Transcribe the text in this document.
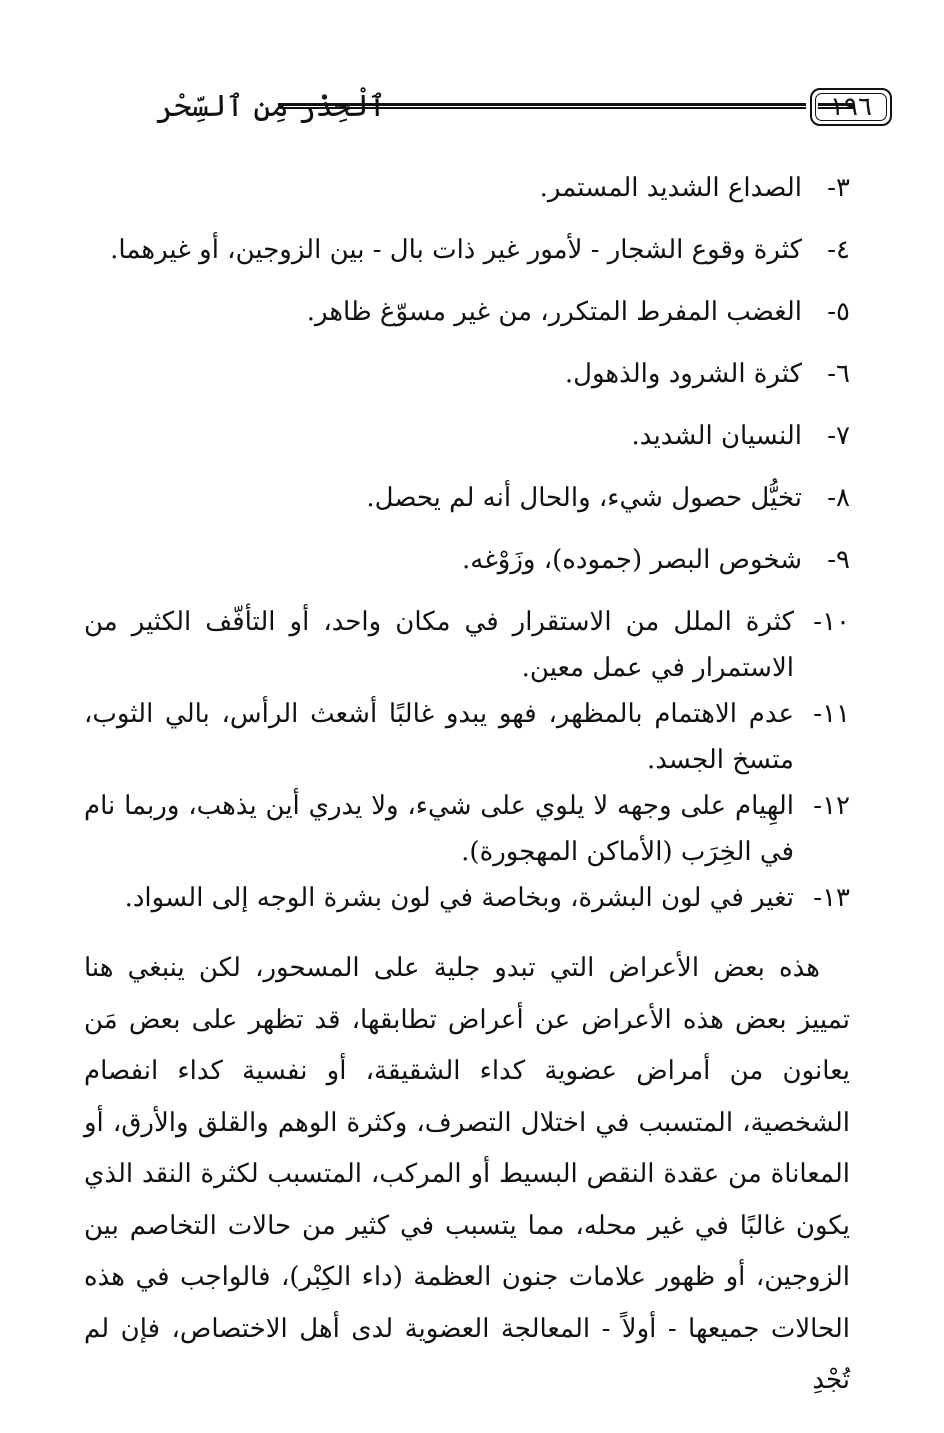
ٱلْحِذْر مِن ٱلسِّحْر	١٩٦
٣-
الصداع الشديد المستمر.
٤-
كثرة وقوع الشجار - لأمور غير ذات بال - بين الزوجين، أو غيرهما.
٥-
الغضب المفرط المتكرر، من غير مسوّغ ظاهر.
٦-
كثرة الشرود والذهول.
٧-
النسيان الشديد.
٨-
تخيُّل حصول شيء، والحال أنه لم يحصل.
٩-
شخوص البصر (جموده)، وزَوْغه.
١٠-
كثرة الملل من الاستقرار في مكان واحد، أو التأفّف الكثير من الاستمرار في عمل معين.
١١-
عدم الاهتمام بالمظهر، فهو يبدو غالبًا أشعث الرأس، بالي الثوب، متسخ الجسد.
١٢-
الهِيام على وجهه لا يلوي على شيء، ولا يدري أين يذهب، وربما نام في الخِرَب (الأماكن المهجورة).
١٣-
تغير في لون البشرة، وبخاصة في لون بشرة الوجه إلى السواد.

هذه بعض الأعراض التي تبدو جلية على المسحور، لكن ينبغي هنا تمييز بعض هذه الأعراض عن أعراض تطابقها، قد تظهر على بعض مَن يعانون من أمراض عضوية كداء الشقيقة، أو نفسية كداء انفصام الشخصية، المتسبب في اختلال التصرف، وكثرة الوهم والقلق والأرق، أو المعاناة من عقدة النقص البسيط أو المركب، المتسبب لكثرة النقد الذي يكون غالبًا في غير محله، مما يتسبب في كثير من حالات التخاصم بين الزوجين، أو ظهور علامات جنون العظمة (داء الكِبْر)، فالواجب في هذه الحالات جميعها - أولاً - المعالجة العضوية لدى أهل الاختصاص، فإن لم تُجْدِ
